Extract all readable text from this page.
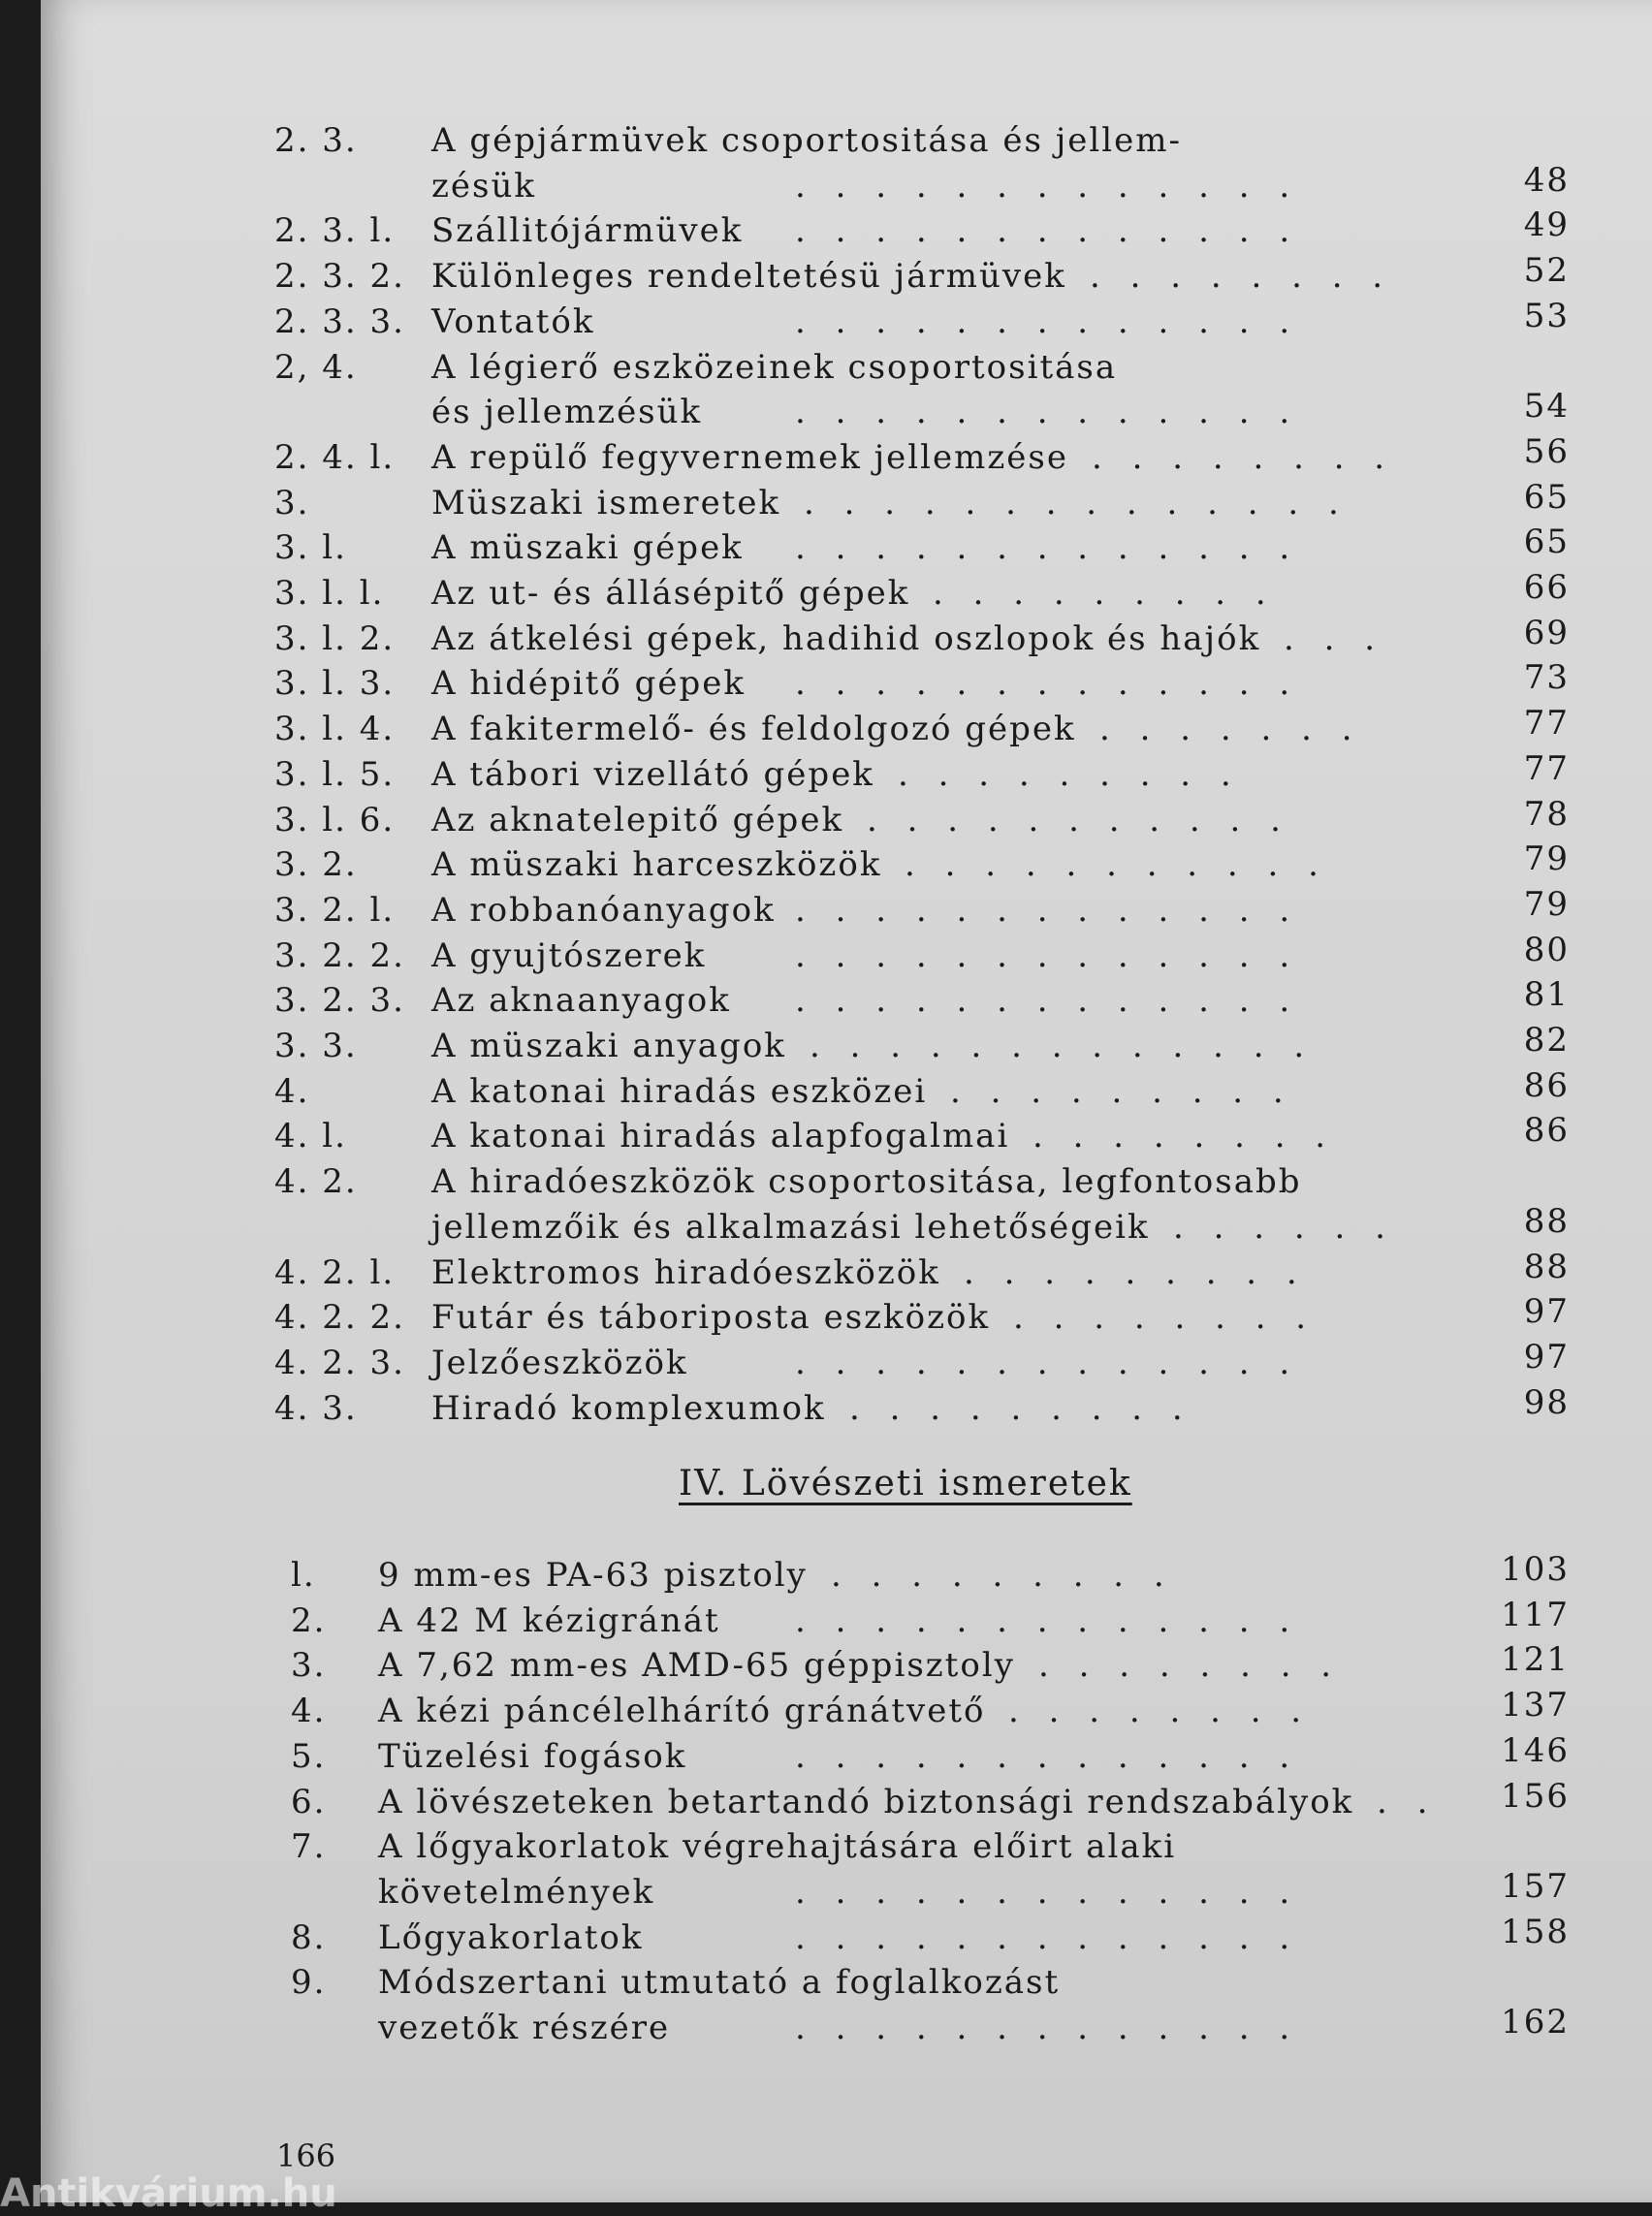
2. 3. A gépjármüvek csoportositása és jellem-
zésük	. . . . . . . . . . . . .	48
2. 3. l. Szállitójármüvek . . . . . . . . . . . . .	49
2. 3. 2. Különleges rendeltetésü jármüvek . . . . . . . .	52
2. 3. 3. Vontatók	. . . . . . . . . . . . .	53
2, 4. A légierő eszközeinek csoportositása
és jellemzésük	. . . . . . . . . . . . .	54
2. 4. l. A repülő fegyvernemek jellemzése . . . . . . . .	56
3.	Müszaki ismeretek . . . . . . . . . . . . . .	65
3. l.	A müszaki gépek . . . . . . . . . . . . .	65
3. l. l. Az ut- és állásépitő gépek . . . . . . . . .	66
3. l. 2. Az átkelési gépek, hadihid oszlopok és hajók . . .	69
3. l. 3. A hidépitő gépek . . . . . . . . . . . . .	73
3. l. 4. A fakitermelő- és feldolgozó gépek . . . . . . .	77
3. l. 5. A tábori vizellátó gépek . . . . . . . . .	77
3. l. 6. Az aknatelepitő gépek . . . . . . . . . . .	78
3. 2. A müszaki harceszközök . . . . . . . . . . .	79
3. 2. l. A robbanóanyagok . . . . . . . . . . . . .	79
3. 2. 2. A gyujtószerek	. . . . . . . . . . . . .	80
3. 2. 3. Az aknaanyagok . . . . . . . . . . . . .	81
3. 3. A müszaki anyagok . . . . . . . . . . . . .	82
4.	A katonai hiradás eszközei . . . . . . . . .	86
4. l.	A katonai hiradás alapfogalmai . . . . . . . .	86
4. 2. A hiradóeszközök csoportositása, legfontosabb
jellemzőik és alkalmazási lehetőségeik . . . . . .	88
4. 2. l. Elektromos hiradóeszközök . . . . . . . . .	88
4. 2. 2. Futár és táboriposta eszközök . . . . . . . .	97
4. 2. 3. Jelzőeszközök	. . . . . . . . . . . . .	97
4. 3. Hiradó komplexumok . . . . . . . . .	98
l. 9 mm-es PA-63 pisztoly . . . . . . . . .	103
2. A 42 M kézigránát . . . . . . . . . . . . .	117
3. A 7,62 mm-es AMD-65 géppisztoly . . . . . . . .	121
4. A kézi páncélelhárító gránátvető . . . . . . . .	137
5. Tüzelési fogások	. . . . . . . . . . . . .	146
6. A lövészeteken betartandó biztonsági rendszabályok . . 156
7. A lőgyakorlatok végrehajtására előirt alaki
követelmények	. . . . . . . . . . . . .	157
8. Lőgyakorlatok	. . . . . . . . . . . . .	158
9. Módszertani utmutató a foglalkozást
vezetők részére	. . . . . . . . . . . . .	162
IV. Lövészeti ismeretek
166
Antikvárium.hu
